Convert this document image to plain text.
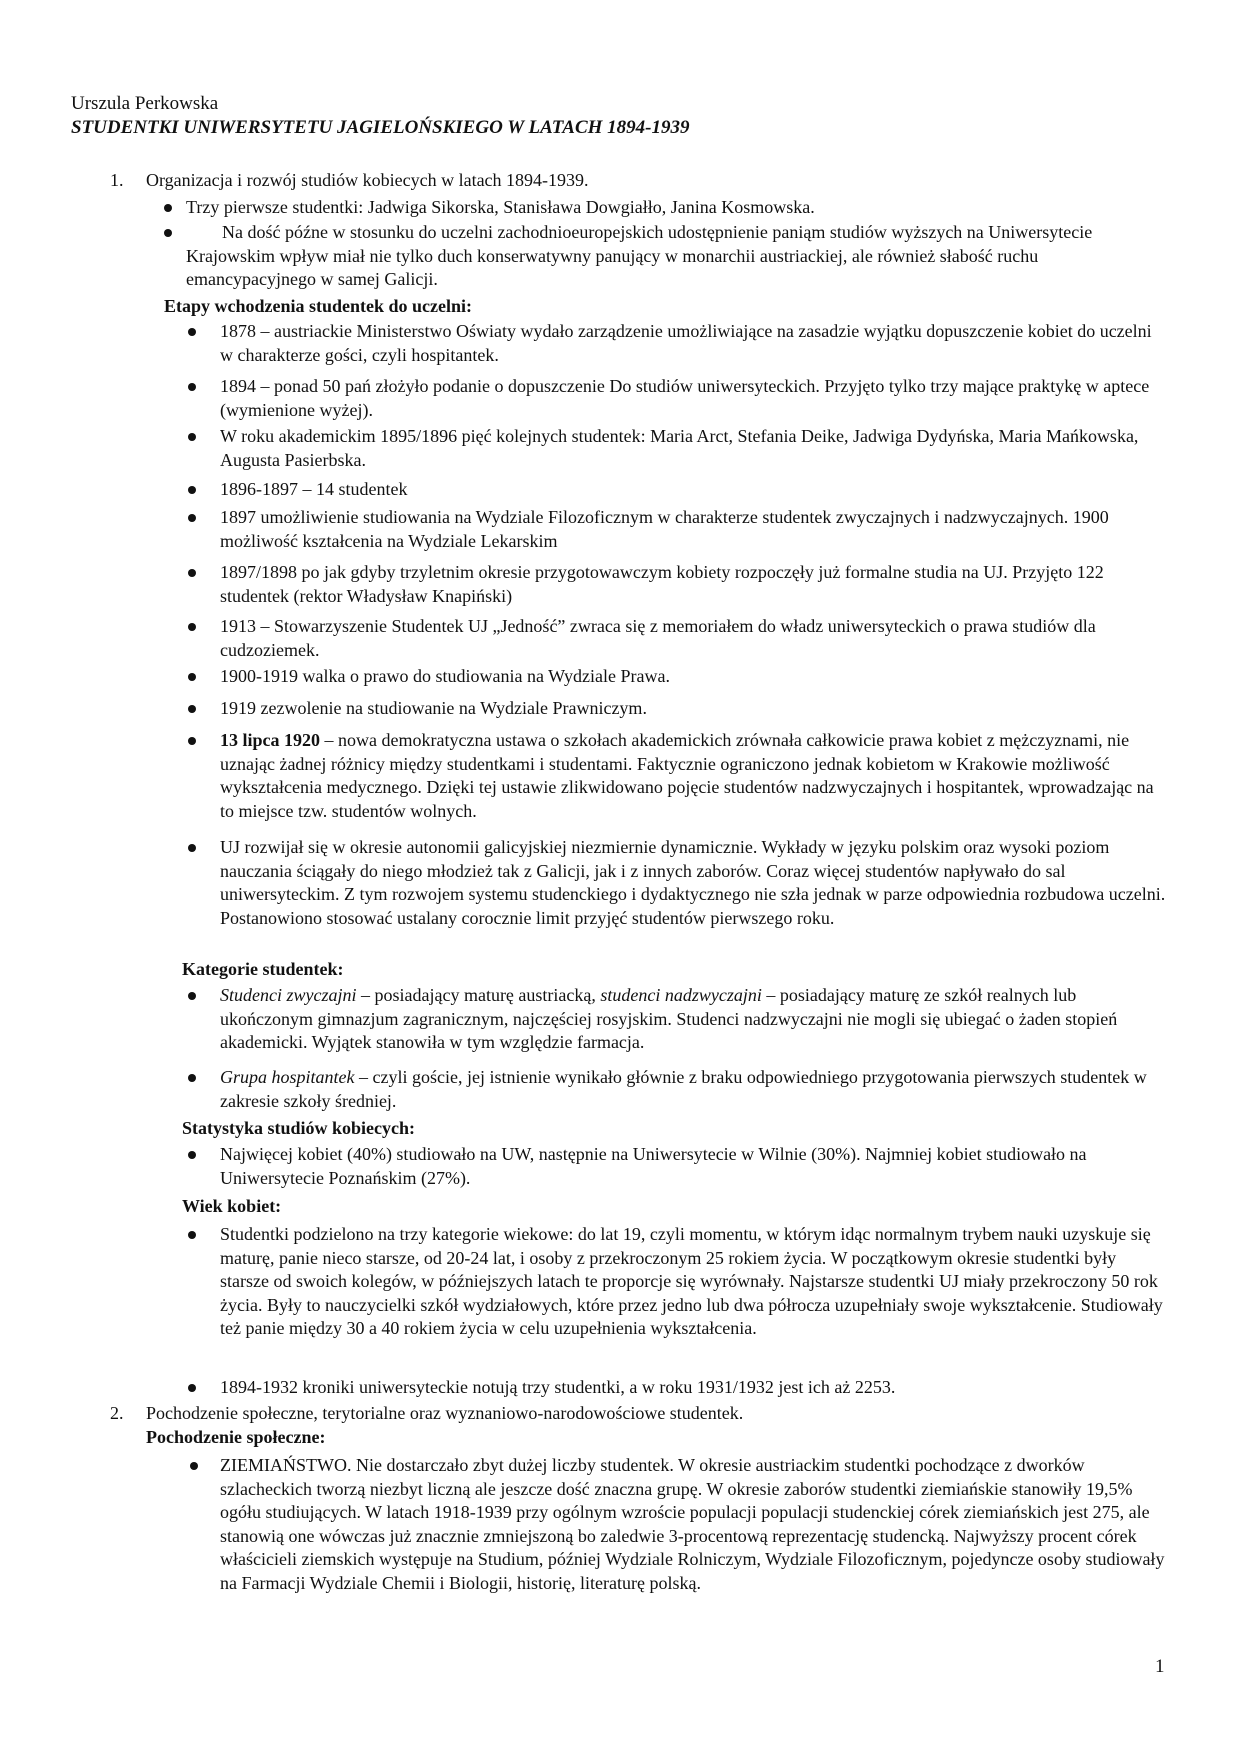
Urszula Perkowska
STUDENTKI UNIWERSYTETU JAGIELOŃSKIEGO W LATACH 1894-1939
1. Organizacja i rozwój studiów kobiecych w latach 1894-1939.
Trzy pierwsze studentki: Jadwiga Sikorska, Stanisława Dowgiałło, Janina Kosmowska.
Na dość późne w stosunku do uczelni zachodnioeuropejskich udostępnienie paniąm studiów wyższych na Uniwersytecie Krajowskim wpływ miał nie tylko duch konserwatywny panujący w monarchii austriackiej, ale również słabość ruchu emancypacyjnego w samej Galicji.
Etapy wchodzenia studentek do uczelni:
1878 – austriackie Ministerstwo Oświaty wydało zarządzenie umożliwiające na zasadzie wyjątku dopuszczenie kobiet do uczelni w charakterze gości, czyli hospitantek.
1894 – ponad 50 pań złożyło podanie o dopuszczenie Do studiów uniwersyteckich. Przyjęto tylko trzy mające praktykę w aptece (wymienione wyżej).
W roku akademickim 1895/1896 pięć kolejnych studentek: Maria Arct, Stefania Deike, Jadwiga Dydyńska, Maria Mańkowska, Augusta Pasierbska.
1896-1897 – 14 studentek
1897 umożliwienie studiowania na Wydziale Filozoficznym w charakterze studentek zwyczajnych i nadzwyczajnych. 1900 możliwość kształcenia na Wydziale Lekarskim
1897/1898 po jak gdyby trzyletnim okresie przygotowawczym kobiety rozpoczęły już formalne studia na UJ. Przyjęto 122 studentek (rektor Władysław Knapiński)
1913 – Stowarzyszenie Studentek UJ „Jedność” zwraca się z memoriałem do władz uniwersyteckich o prawa studiów dla cudzoziemek.
1900-1919 walka o prawo do studiowania na Wydziale Prawa.
1919 zezwolenie na studiowanie na Wydziale Prawniczym.
13 lipca 1920 – nowa demokratyczna ustawa o szkołach akademickich zrównała całkowicie prawa kobiet z mężczyznami, nie uznając żadnej różnicy między studentkami i studentami. Faktycznie ograniczono jednak kobietom w Krakowie możliwość wykształcenia medycznego. Dzięki tej ustawie zlikwidowano pojęcie studentów nadzwyczajnych i hospitantek, wprowadzając na to miejsce tzw. studentów wolnych.
UJ rozwijał się w okresie autonomii galicyjskiej niezmiernie dynamicznie. Wykłady w języku polskim oraz wysoki poziom nauczania ściągały do niego młodzież tak z Galicji, jak i z innych zaborów. Coraz więcej studentów napływało do sal uniwersyteckim. Z tym rozwojem systemu studenckiego i dydaktycznego nie szła jednak w parze odpowiednia rozbudowa uczelni. Postanowiono stosować ustalany corocznie limit przyjęć studentów pierwszego roku.
Kategorie studentek:
Studenci zwyczajni – posiadający maturę austriacką, studenci nadzwyczajni – posiadający maturę ze szkół realnych lub ukończonym gimnazjum zagranicznym, najczęściej rosyjskim. Studenci nadzwyczajni nie mogli się ubiegać o żaden stopień akademicki. Wyjątek stanowiła w tym względzie farmacja.
Grupa hospitantek – czyli goście, jej istnienie wynikało głównie z braku odpowiedniego przygotowania pierwszych studentek w zakresie szkoły średniej.
Statystyka studiów kobiecych:
Najwięcej kobiet (40%) studiowało na UW, następnie na Uniwersytecie w Wilnie (30%). Najmniej kobiet studiowało na Uniwersytecie Poznańskim (27%).
Wiek kobiet:
Studentki podzielono na trzy kategorie wiekowe: do lat 19, czyli momentu, w którym idąc normalnym trybem nauki uzyskuje się maturę, panie nieco starsze, od 20-24 lat, i osoby z przekroczonym 25 rokiem życia. W początkowym okresie studentki były starsze od swoich kolegów, w późniejszych latach te proporcje się wyrównały. Najstarsze studentki UJ miały przekroczony 50 rok życia. Były to nauczycielki szkół wydziałowych, które przez jedno lub dwa półrocza uzupełniały swoje wykształcenie. Studiowały też panie między 30 a 40 rokiem życia w celu uzupełnienia wykształcenia.
1894-1932 kroniki uniwersyteckie notują trzy studentki, a w roku 1931/1932 jest ich aż 2253.
2. Pochodzenie społeczne, terytorialne oraz wyznaniowo-narodowościowe studentek.
Pochodzenie społeczne:
ZIEMIAŃSTWO. Nie dostarczało zbyt dużej liczby studentek. W okresie austriackim studentki pochodzące z dworków szlacheckich tworzą niezbyt liczną ale jeszcze dość znaczna grupę. W okresie zaborów studentki ziemiańskie stanowiły 19,5% ogółu studiujących. W latach 1918-1939 przy ogólnym wzroście populacji populacji studenckiej córek ziemiańskich jest 275, ale stanowią one wówczas już znacznie zmniejszoną bo zaledwie 3-procentową reprezentację studencką. Najwyższy procent córek właścicieli ziemskich występuje na Studium, później Wydziale Rolniczym, Wydziale Filozoficznym, pojedyncze osoby studiowały na Farmacji Wydziale Chemii i Biologii, historię, literaturę polską.
1
